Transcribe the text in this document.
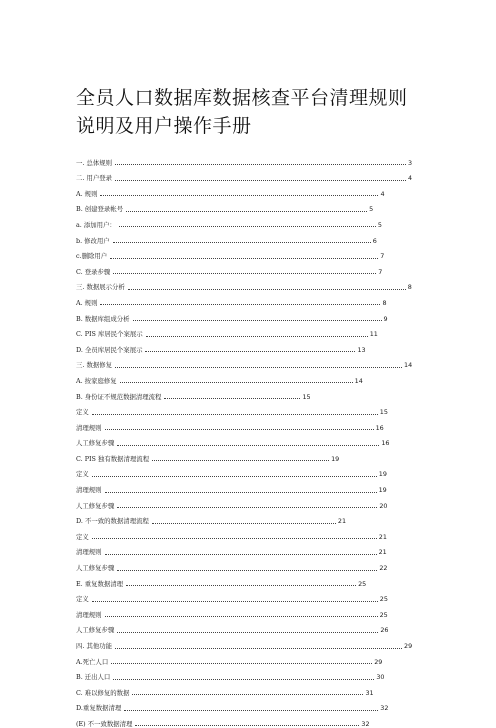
全员人口数据库数据核查平台清理规则说明及用户操作手册
一. 总体规则	3
二. 用户登录	4
A. 规则	4
B. 创建登录帐号	5
a. 添加用户：	5
b. 修改用户	6
c.删除用户	7
C. 登录步骤	7
三. 数据展示分析	8
A. 规则	8
B. 数据库组成分析	9
C. PIS 库居民个案展示	11
D. 全员库居民个案展示	13
三. 数据修复	14
A. 按家庭修复	14
B. 身份证不规范数据清理流程	15
定义	15
清理规则	16
人工修复步骤	16
C. PIS 独有数据清理流程	19
定义	19
清理规则	19
人工修复步骤	20
D. 不一致的数据清理流程	21
定义	21
清理规则	21
人工修复步骤	22
E. 重复数据清理	25
定义	25
清理规则	25
人工修复步骤	26
四. 其他功能	29
A.死亡人口	29
B. 迁出人口	30
C. 难以修复的数据	31
D.重复数据清理	32
(E) 不一致数据清理	32
